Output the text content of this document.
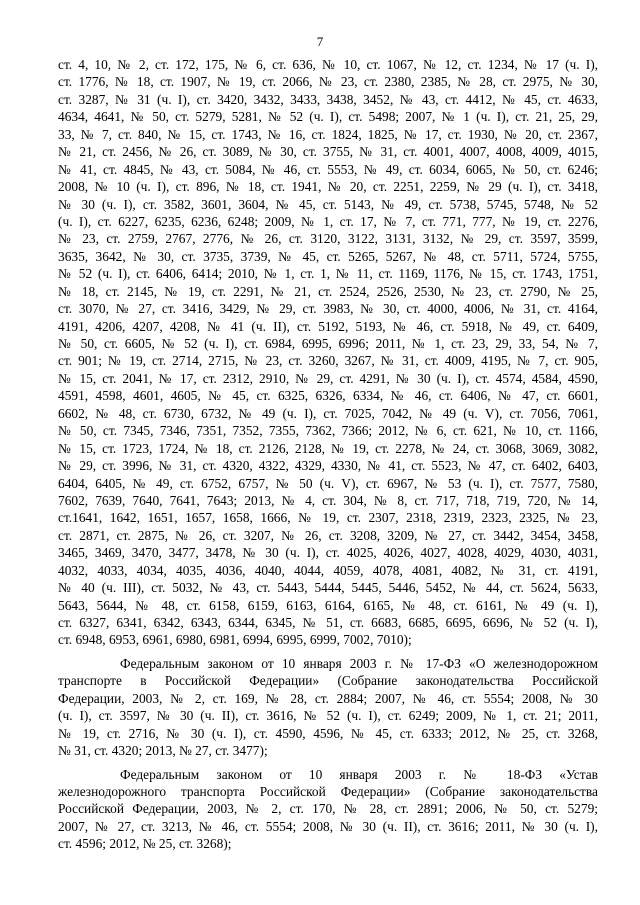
7
ст. 4, 10, № 2, ст. 172, 175, № 6, ст. 636, № 10, ст. 1067, № 12, ст. 1234, № 17 (ч. I),
ст. 1776, № 18, ст. 1907, № 19, ст. 2066, № 23, ст. 2380, 2385, № 28, ст. 2975, № 30,
ст. 3287, № 31 (ч. I), ст. 3420, 3432, 3433, 3438, 3452, № 43, ст. 4412, № 45, ст. 4633,
4634, 4641, № 50, ст. 5279, 5281, № 52 (ч. I), ст. 5498; 2007, № 1 (ч. I), ст. 21, 25, 29,
33, № 7, ст. 840, № 15, ст. 1743, № 16, ст. 1824, 1825, № 17, ст. 1930, № 20, ст. 2367,
№ 21, ст. 2456, № 26, ст. 3089, № 30, ст. 3755, № 31, ст. 4001, 4007, 4008, 4009, 4015,
№ 41, ст. 4845, № 43, ст. 5084, № 46, ст. 5553, № 49, ст. 6034, 6065, № 50, ст. 6246;
2008, № 10 (ч. I), ст. 896, № 18, ст. 1941, № 20, ст. 2251, 2259, № 29 (ч. I), ст. 3418,
№ 30 (ч. I), ст. 3582, 3601, 3604, № 45, ст. 5143, № 49, ст. 5738, 5745, 5748, № 52
(ч. I), ст. 6227, 6235, 6236, 6248; 2009, № 1, ст. 17, № 7, ст. 771, 777, № 19, ст. 2276,
№ 23, ст. 2759, 2767, 2776, № 26, ст. 3120, 3122, 3131, 3132, № 29, ст. 3597, 3599,
3635, 3642, № 30, ст. 3735, 3739, № 45, ст. 5265, 5267, № 48, ст. 5711, 5724, 5755,
№ 52 (ч. I), ст. 6406, 6414; 2010, № 1, ст. 1, № 11, ст. 1169, 1176, № 15, ст. 1743, 1751,
№ 18, ст. 2145, № 19, ст. 2291, № 21, ст. 2524, 2526, 2530, № 23, ст. 2790, № 25,
ст. 3070, № 27, ст. 3416, 3429, № 29, ст. 3983, № 30, ст. 4000, 4006, № 31, ст. 4164,
4191, 4206, 4207, 4208, № 41 (ч. II), ст. 5192, 5193, № 46, ст. 5918, № 49, ст. 6409,
№ 50, ст. 6605, № 52 (ч. I), ст. 6984, 6995, 6996; 2011, № 1, ст. 23, 29, 33, 54, № 7,
ст. 901; № 19, ст. 2714, 2715, № 23, ст. 3260, 3267, № 31, ст. 4009, 4195, № 7, ст. 905,
№ 15, ст. 2041, № 17, ст. 2312, 2910, № 29, ст. 4291, № 30 (ч. I), ст. 4574, 4584, 4590,
4591, 4598, 4601, 4605, № 45, ст. 6325, 6326, 6334, № 46, ст. 6406, № 47, ст. 6601,
6602, № 48, ст. 6730, 6732, № 49 (ч. I), ст. 7025, 7042, № 49 (ч. V), ст. 7056, 7061,
№ 50, ст. 7345, 7346, 7351, 7352, 7355, 7362, 7366; 2012, № 6, ст. 621, № 10, ст. 1166,
№ 15, ст. 1723, 1724, № 18, ст. 2126, 2128, № 19, ст. 2278, № 24, ст. 3068, 3069, 3082,
№ 29, ст. 3996, № 31, ст. 4320, 4322, 4329, 4330, № 41, ст. 5523, № 47, ст. 6402, 6403,
6404, 6405, № 49, ст. 6752, 6757, № 50 (ч. V), ст. 6967, № 53 (ч. I), ст. 7577, 7580,
7602, 7639, 7640, 7641, 7643; 2013, № 4, ст. 304, № 8, ст. 717, 718, 719, 720, № 14,
ст.1641, 1642, 1651, 1657, 1658, 1666, № 19, ст. 2307, 2318, 2319, 2323, 2325, № 23,
ст. 2871, ст. 2875, № 26, ст. 3207, № 26, ст. 3208, 3209, № 27, ст. 3442, 3454, 3458,
3465, 3469, 3470, 3477, 3478, № 30 (ч. I), ст. 4025, 4026, 4027, 4028, 4029, 4030, 4031,
4032, 4033, 4034, 4035, 4036, 4040, 4044, 4059, 4078, 4081, 4082, № 31, ст. 4191,
№ 40 (ч. III), ст. 5032, № 43, ст. 5443, 5444, 5445, 5446, 5452, № 44, ст. 5624, 5633,
5643, 5644, № 48, ст. 6158, 6159, 6163, 6164, 6165, № 48, ст. 6161, № 49 (ч. I),
ст. 6327, 6341, 6342, 6343, 6344, 6345, № 51, ст. 6683, 6685, 6695, 6696, № 52 (ч. I),
ст. 6948, 6953, 6961, 6980, 6981, 6994, 6995, 6999, 7002, 7010);
Федеральным законом от 10 января 2003 г. № 17-ФЗ «О железнодорожном
транспорте в Российской Федерации» (Собрание законодательства Российской
Федерации, 2003, № 2, ст. 169, № 28, ст. 2884; 2007, № 46, ст. 5554; 2008, № 30
(ч. I), ст. 3597, № 30 (ч. II), ст. 3616, № 52 (ч. I), ст. 6249; 2009, № 1, ст. 21; 2011,
№ 19, ст. 2716, № 30 (ч. I), ст. 4590, 4596, № 45, ст. 6333; 2012, № 25, ст. 3268,
№ 31, ст. 4320; 2013, № 27, ст. 3477);
Федеральным законом от 10 января 2003 г. № 18-ФЗ «Устав
железнодорожного транспорта Российской Федерации» (Собрание законодательства
Российской Федерации, 2003, № 2, ст. 170, № 28, ст. 2891; 2006, № 50, ст. 5279;
2007, № 27, ст. 3213, № 46, ст. 5554; 2008, № 30 (ч. II), ст. 3616; 2011, № 30 (ч. I),
ст. 4596; 2012, № 25, ст. 3268);
